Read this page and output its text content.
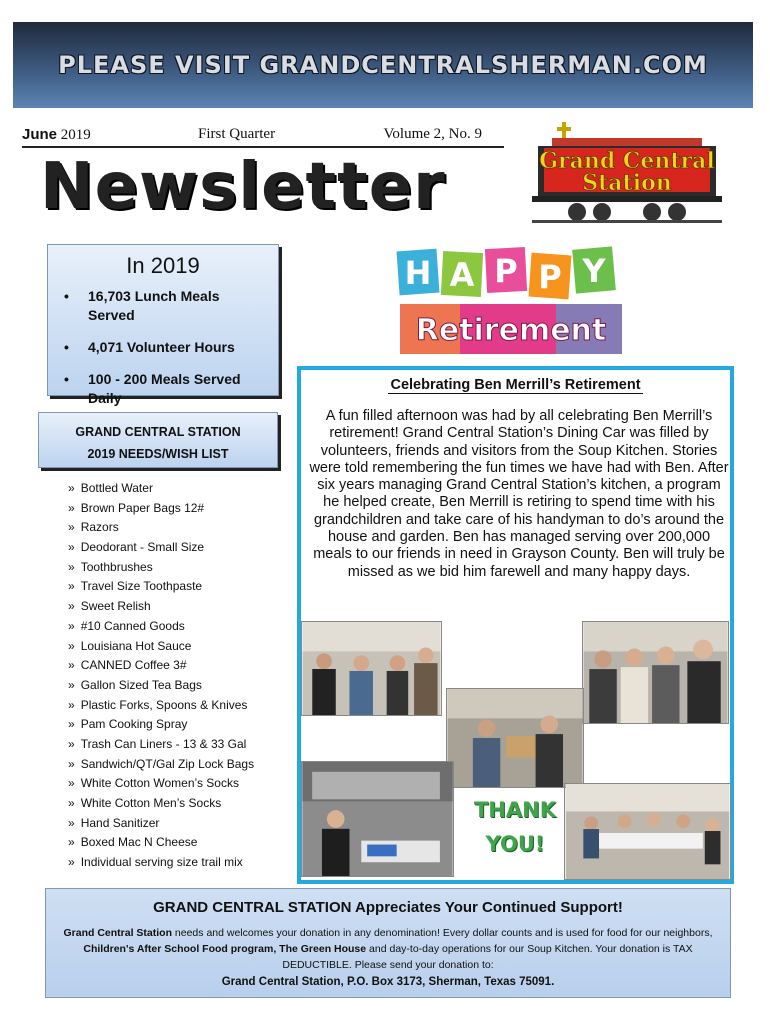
PLEASE VISIT GRANDCENTRALSHERMAN.COM
June 2019	First Quarter	Volume 2, No. 9
Newsletter	Grand Central
Station
In 2019
• 16,703 Lunch Meals Served
• 4,071 Volunteer Hours
• 100 - 200 Meals Served Daily
GRAND CENTRAL STATION
2019 NEEDS/WISH LIST
» Bottled Water
» Brown Paper Bags 12#
» Razors
» Deodorant - Small Size
» Toothbrushes
» Travel Size Toothpaste
» Sweet Relish
» #10 Canned Goods
» Louisiana Hot Sauce
» CANNED Coffee 3#
» Gallon Sized Tea Bags
» Plastic Forks, Spoons & Knives
» Pam Cooking Spray
» Trash Can Liners - 13 & 33 Gal
» Sandwich/QT/Gal Zip Lock Bags
» White Cotton Women’s Socks
» White Cotton Men’s Socks
» Hand Sanitizer
» Boxed Mac N Cheese
» Individual serving size trail mix
H A P P Y
Retirement
Celebrating Ben Merrill’s Retirement

A fun filled afternoon was had by all celebrating Ben Merrill’s retirement! Grand Central Station’s Dining Car was filled by volunteers, friends and visitors from the Soup Kitchen. Stories were told remembering the fun times we have had with Ben. After six years managing Grand Central Station’s kitchen, a program he helped create, Ben Merrill is retiring to spend time with his grandchildren and take care of his handyman to do’s around the house and garden. Ben has managed serving over 200,000 meals to our friends in need in Grayson County. Ben will truly be missed as we bid him farewell and many happy days.

THANK
YOU!
GRAND CENTRAL STATION Appreciates Your Continued Support!

Grand Central Station needs and welcomes your donation in any denomination! Every dollar counts and is used for food for our neighbors, Children's After School Food program, The Green House and day-to-day operations for our Soup Kitchen. Your donation is TAX DEDUCTIBLE. Please send your donation to:

Grand Central Station, P.O. Box 3173, Sherman, Texas 75091.
